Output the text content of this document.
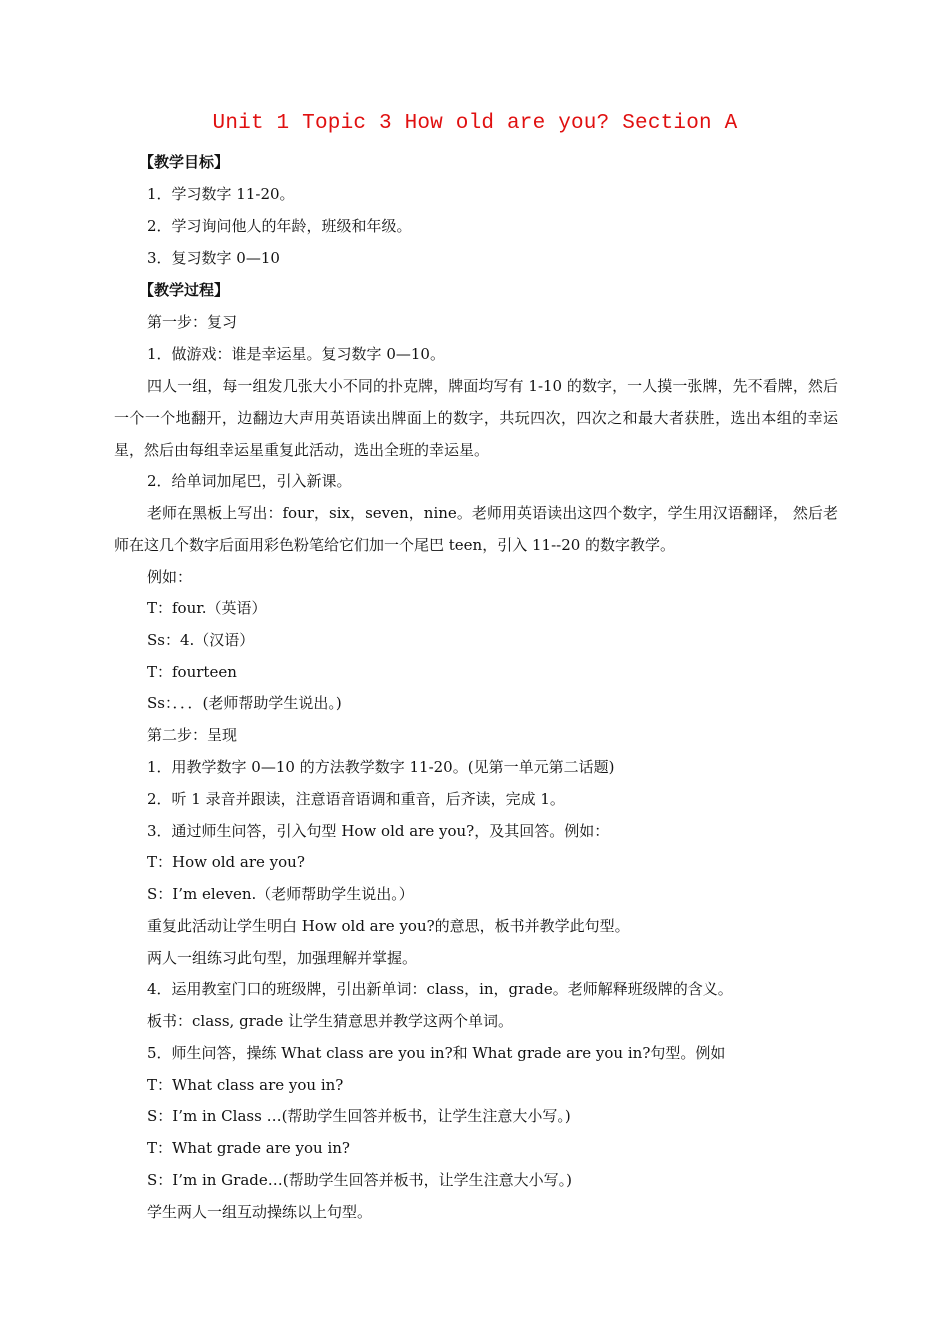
Unit 1 Topic 3 How old are you? Section A
【教学目标】
1．学习数字 11-20。
2．学习询问他人的年龄，班级和年级。
3．复习数字 0—10
【教学过程】
第一步：复习
1．做游戏：谁是幸运星。复习数字 0—10。
四人一组，每一组发几张大小不同的扑克牌，牌面均写有 1-10 的数字，一人摸一张牌，先不看牌，然后一个一个地翻开，边翻边大声用英语读出牌面上的数字，共玩四次，四次之和最大者获胜，选出本组的幸运星，然后由每组幸运星重复此活动，选出全班的幸运星。
2．给单词加尾巴，引入新课。
老师在黑板上写出：four，six，seven，nine。老师用英语读出这四个数字，学生用汉语翻译， 然后老师在这几个数字后面用彩色粉笔给它们加一个尾巴 teen，引入 11--20 的数字教学。
例如：
T：four.（英语）
Ss：4.（汉语）
T：fourteen
Ss：．．．(老师帮助学生说出。)
第二步：呈现
1．用教学数字 0—10 的方法教学数字 11-20。(见第一单元第二话题)
2．听 1 录音并跟读，注意语音语调和重音，后齐读，完成 1。
3．通过师生问答，引入句型 How old are you?，及其回答。例如：
T：How old are you?
S：I’m eleven.（老师帮助学生说出。）
重复此活动让学生明白 How old are you?的意思，板书并教学此句型。
两人一组练习此句型，加强理解并掌握。
4．运用教室门口的班级牌，引出新单词：class，in，grade。老师解释班级牌的含义。
板书：class, grade 让学生猜意思并教学这两个单词。
5．师生问答，操练 What class are you in?和 What grade are you in?句型。例如
T：What class are you in?
S：I’m in Class …(帮助学生回答并板书，让学生注意大小写。)
T：What grade are you in?
S：I’m in Grade…(帮助学生回答并板书，让学生注意大小写。)
学生两人一组互动操练以上句型。
